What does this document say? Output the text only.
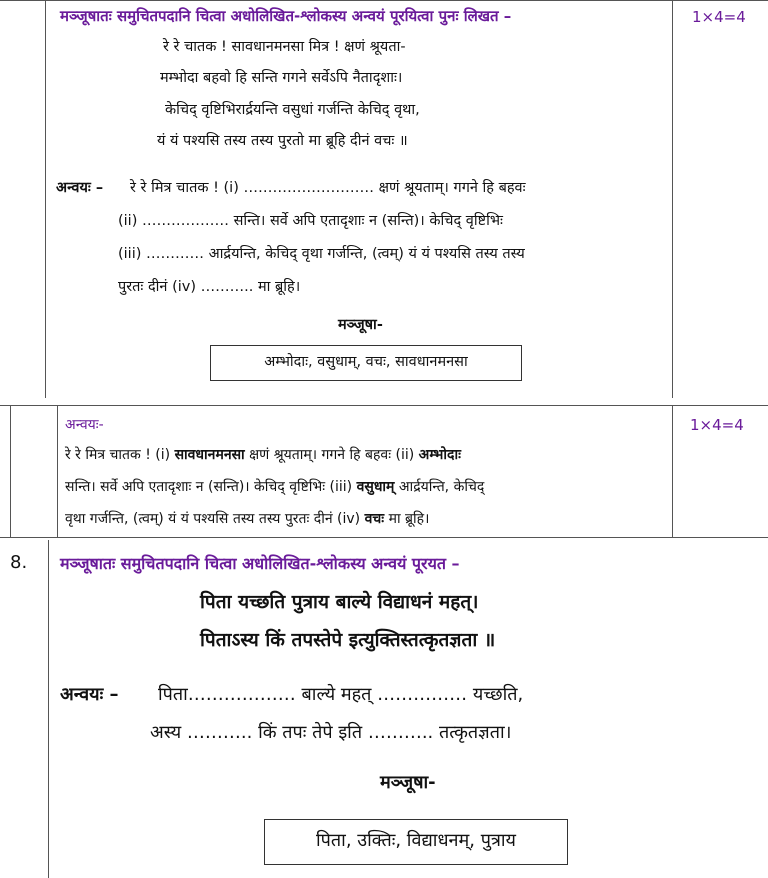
मञ्जूषातः समुचितपदानि चित्वा अधोलिखित-श्लोकस्य अन्वयं पूरयित्वा पुनः लिखत –	1×4=4
रे रे चातक ! सावधानमनसा मित्र ! क्षणं श्रूयता-
मम्भोदा बहवो हि सन्ति गगने सर्वेऽपि नैतादृशाः।
केचिद् वृष्टिभिरार्द्रयन्ति वसुधां गर्जन्ति केचिद् वृथा,
यं यं पश्यसि तस्य तस्य पुरतो मा ब्रूहि दीनं वचः ॥
अन्वयः – रे रे मित्र चातक ! (i) ……………………… क्षणं श्रूयताम्। गगने हि बहवः
(ii) ……………… सन्ति। सर्वे अपि एतादृशाः न (सन्ति)। केचिद् वृष्टिभिः
(iii) ………… आर्द्रयन्ति, केचिद् वृथा गर्जन्ति, (त्वम्) यं यं पश्यसि तस्य तस्य
पुरतः दीनं (iv) ……….. मा ब्रूहि।
मञ्जूषा-
अम्भोदाः, वसुधाम्, वचः, सावधानमनसा
अन्वयः-	1×4=4
रे रे मित्र चातक ! (i) सावधानमनसा क्षणं श्रूयताम्। गगने हि बहवः (ii) अम्भोदाः
सन्ति। सर्वे अपि एतादृशाः न (सन्ति)। केचिद् वृष्टिभिः (iii) वसुधाम् आर्द्रयन्ति, केचिद्
वृथा गर्जन्ति, (त्वम्) यं यं पश्यसि तस्य तस्य पुरतः दीनं (iv) वचः मा ब्रूहि।
8. मञ्जूषातः समुचितपदानि चित्वा अधोलिखित-श्लोकस्य अन्वयं पूरयत –
पिता यच्छति पुत्राय बाल्ये विद्याधनं महत्।
पिताऽस्य किं तपस्तेपे इत्युक्तिस्तत्कृतज्ञता ॥
अन्वयः – पिता……………… बाल्ये महत् …………… यच्छति,
अस्य ……….. किं तपः तेपे इति ……….. तत्कृतज्ञता।
मञ्जूषा-
पिता, उक्तिः, विद्याधनम्, पुत्राय
